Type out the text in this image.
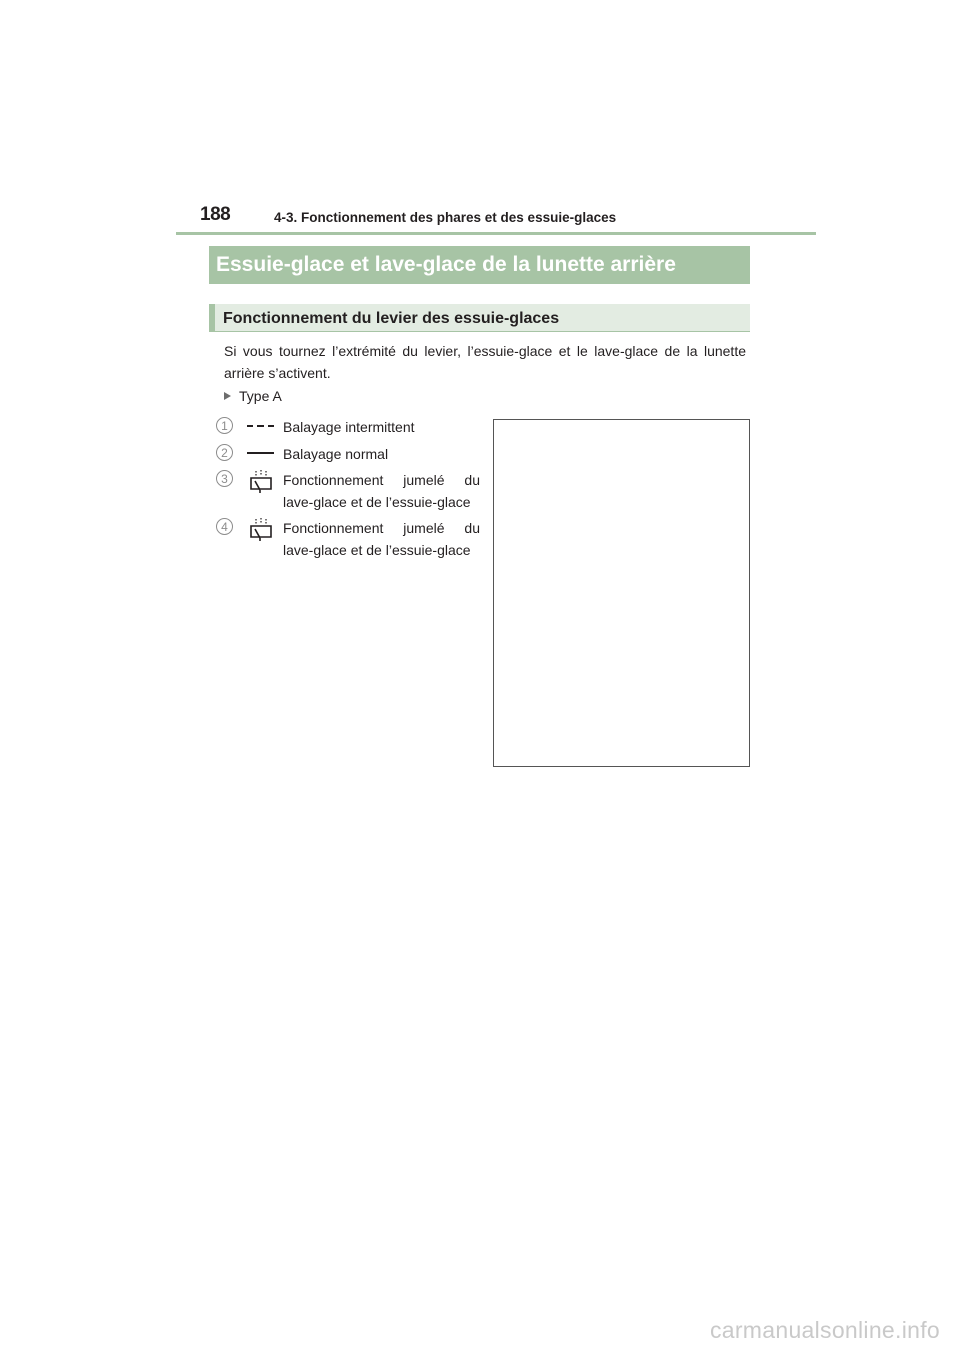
188	4-3. Fonctionnement des phares et des essuie-glaces
Essuie-glace et lave-glace de la lunette arrière
Fonctionnement du levier des essuie-glaces
Si vous tournez l’extrémité du levier, l’essuie-glace et le lave-glace de la lunette arrière s’activent.
Type A
1	Balayage intermittent
2	Balayage normal
3	Fonctionnement jumelé du lave-glace et de l’essuie-glace
4	Fonctionnement jumelé du lave-glace et de l’essuie-glace
carmanualsonline.info
